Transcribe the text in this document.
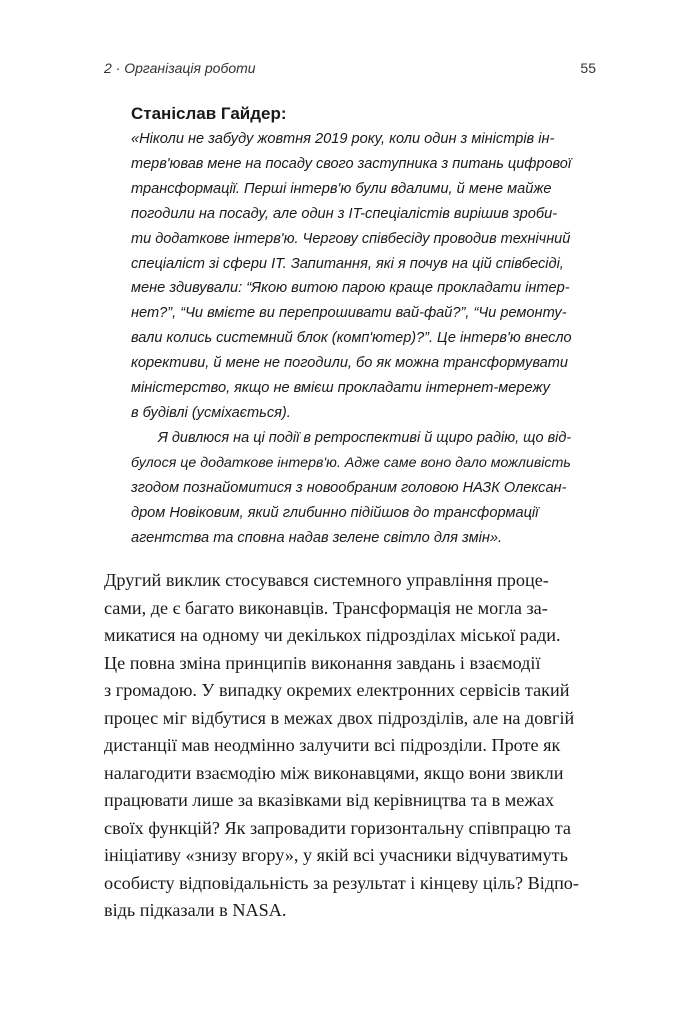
2 · Організація роботи	55

Станіслав Гайдер:

«Ніколи не забуду жовтня 2019 року, коли один з міністрів ін-

терв'ював мене на посаду свого заступника з питань цифрової

трансформації. Перші інтерв'ю були вдалими, й мене майже

погодили на посаду, але один з IT-спеціалістів вирішив зроби-

ти додаткове інтерв'ю. Чергову співбесіду проводив технічний

спеціаліст зі сфери IT. Запитання, які я почув на цій співбесіді,

мене здивували: “Якою витою парою краще прокладати інтер-

нет?”, “Чи вмієте ви перепрошивати вай-фай?”, “Чи ремонту-

вали колись системний блок (комп'ютер)?”. Це інтерв'ю внесло

корективи, й мене не погодили, бо як можна трансформувати

міністерство, якщо не вмієш прокладати інтернет-мережу

в будівлі (усміхається).

Я дивлюся на ці події в ретроспективі й щиро радію, що від-

булося це додаткове інтерв'ю. Адже саме воно дало можливість

згодом познайомитися з новообраним головою НАЗК Олексан-

дром Новіковим, який глибинно підійшов до трансформації

агентства та сповна надав зелене світло для змін».

Другий виклик стосувався системного управління проце-

сами, де є багато виконавців. Трансформація не могла за-

микатися на одному чи декількох підрозділах міської ради.

Це повна зміна принципів виконання завдань і взаємодії

з громадою. У випадку окремих електронних сервісів такий

процес міг відбутися в межах двох підрозділів, але на довгій

дистанції мав неодмінно залучити всі підрозділи. Проте як

налагодити взаємодію між виконавцями, якщо вони звикли

працювати лише за вказівками від керівництва та в межах

своїх функцій? Як запровадити горизонтальну співпрацю та

ініціативу «знизу вгору», у якій всі учасники відчуватимуть

особисту відповідальність за результат і кінцеву ціль? Відпо-

відь підказали в NASA.
